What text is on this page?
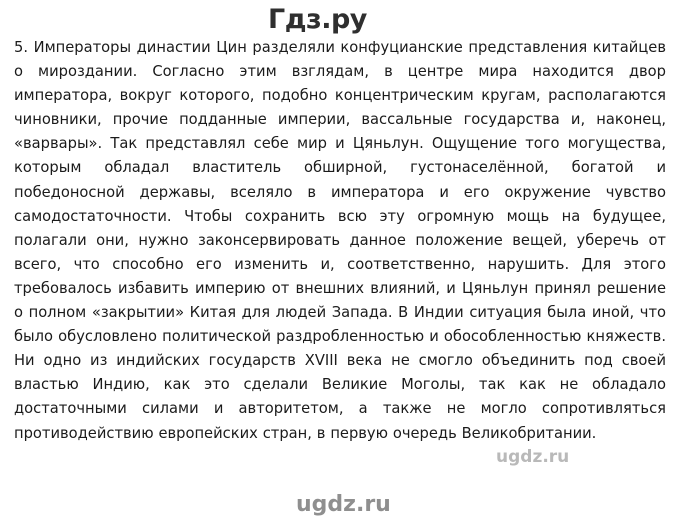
Гдз.ру

5. Императоры династии Цин разделяли конфуцианские представления китайцев о мироздании. Согласно этим взглядам, в центре мира находится двор императора, вокруг которого, подобно концентрическим кругам, располагаются чиновники, прочие подданные империи, вассальные государства и, наконец, «варвары». Так представлял себе мир и Цяньлун. Ощущение того могущества, которым обладал властитель обширной, густонаселённой, богатой и победоносной державы, вселяло в императора и его окружение чувство самодостаточности. Чтобы сохранить всю эту огромную мощь на будущее, полагали они, нужно законсервировать данное положение вещей, уберечь от всего, что способно его изменить и, соответственно, нарушить. Для этого требовалось избавить империю от внешних влияний, и Цяньлун принял решение о полном «закрытии» Китая для людей Запада. В Индии ситуация была иной, что было обусловлено политической раздробленностью и обособленностью княжеств. Ни одно из индийских государств XVIII века не смогло объединить под своей властью Индию, как это сделали Великие Моголы, так как не обладало достаточными силами и авторитетом, а также не могло сопротивляться противодействию европейских стран, в первую очередь Великобритании.

ugdz.ru
ugdz.ru
